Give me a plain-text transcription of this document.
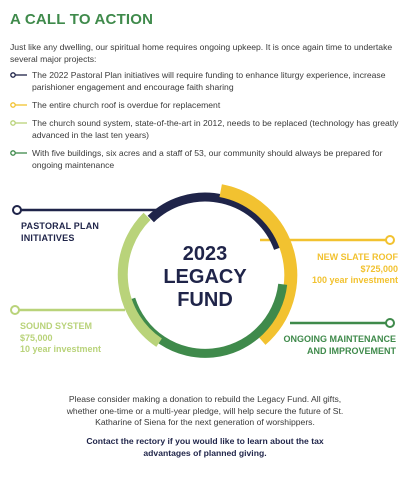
A CALL TO ACTION

Just like any dwelling, our spiritual home requires ongoing upkeep. It is once again time to undertake several major projects:

The 2022 Pastoral Plan initiatives will require funding to enhance liturgy experience, increase parishioner engagement and encourage faith sharing
The entire church roof is overdue for replacement
The church sound system, state-of-the-art in 2012, needs to be replaced (technology has greatly advanced in the last ten years)
With five buildings, six acres and a staff of 53, our community should always be prepared for ongoing maintenance
2023
LEGACY
FUND
PASTORAL PLAN
INITIATIVES
NEW SLATE ROOF
$725,000
100 year investment
SOUND SYSTEM
$75,000
10 year investment
ONGOING MAINTENANCE
AND IMPROVEMENT

Please consider making a donation to rebuild the Legacy Fund. All gifts, whether one-time or a multi-year pledge, will help secure the future of St. Katharine of Siena for the next generation of worshippers.

Contact the rectory if you would like to learn about the tax advantages of planned giving.
